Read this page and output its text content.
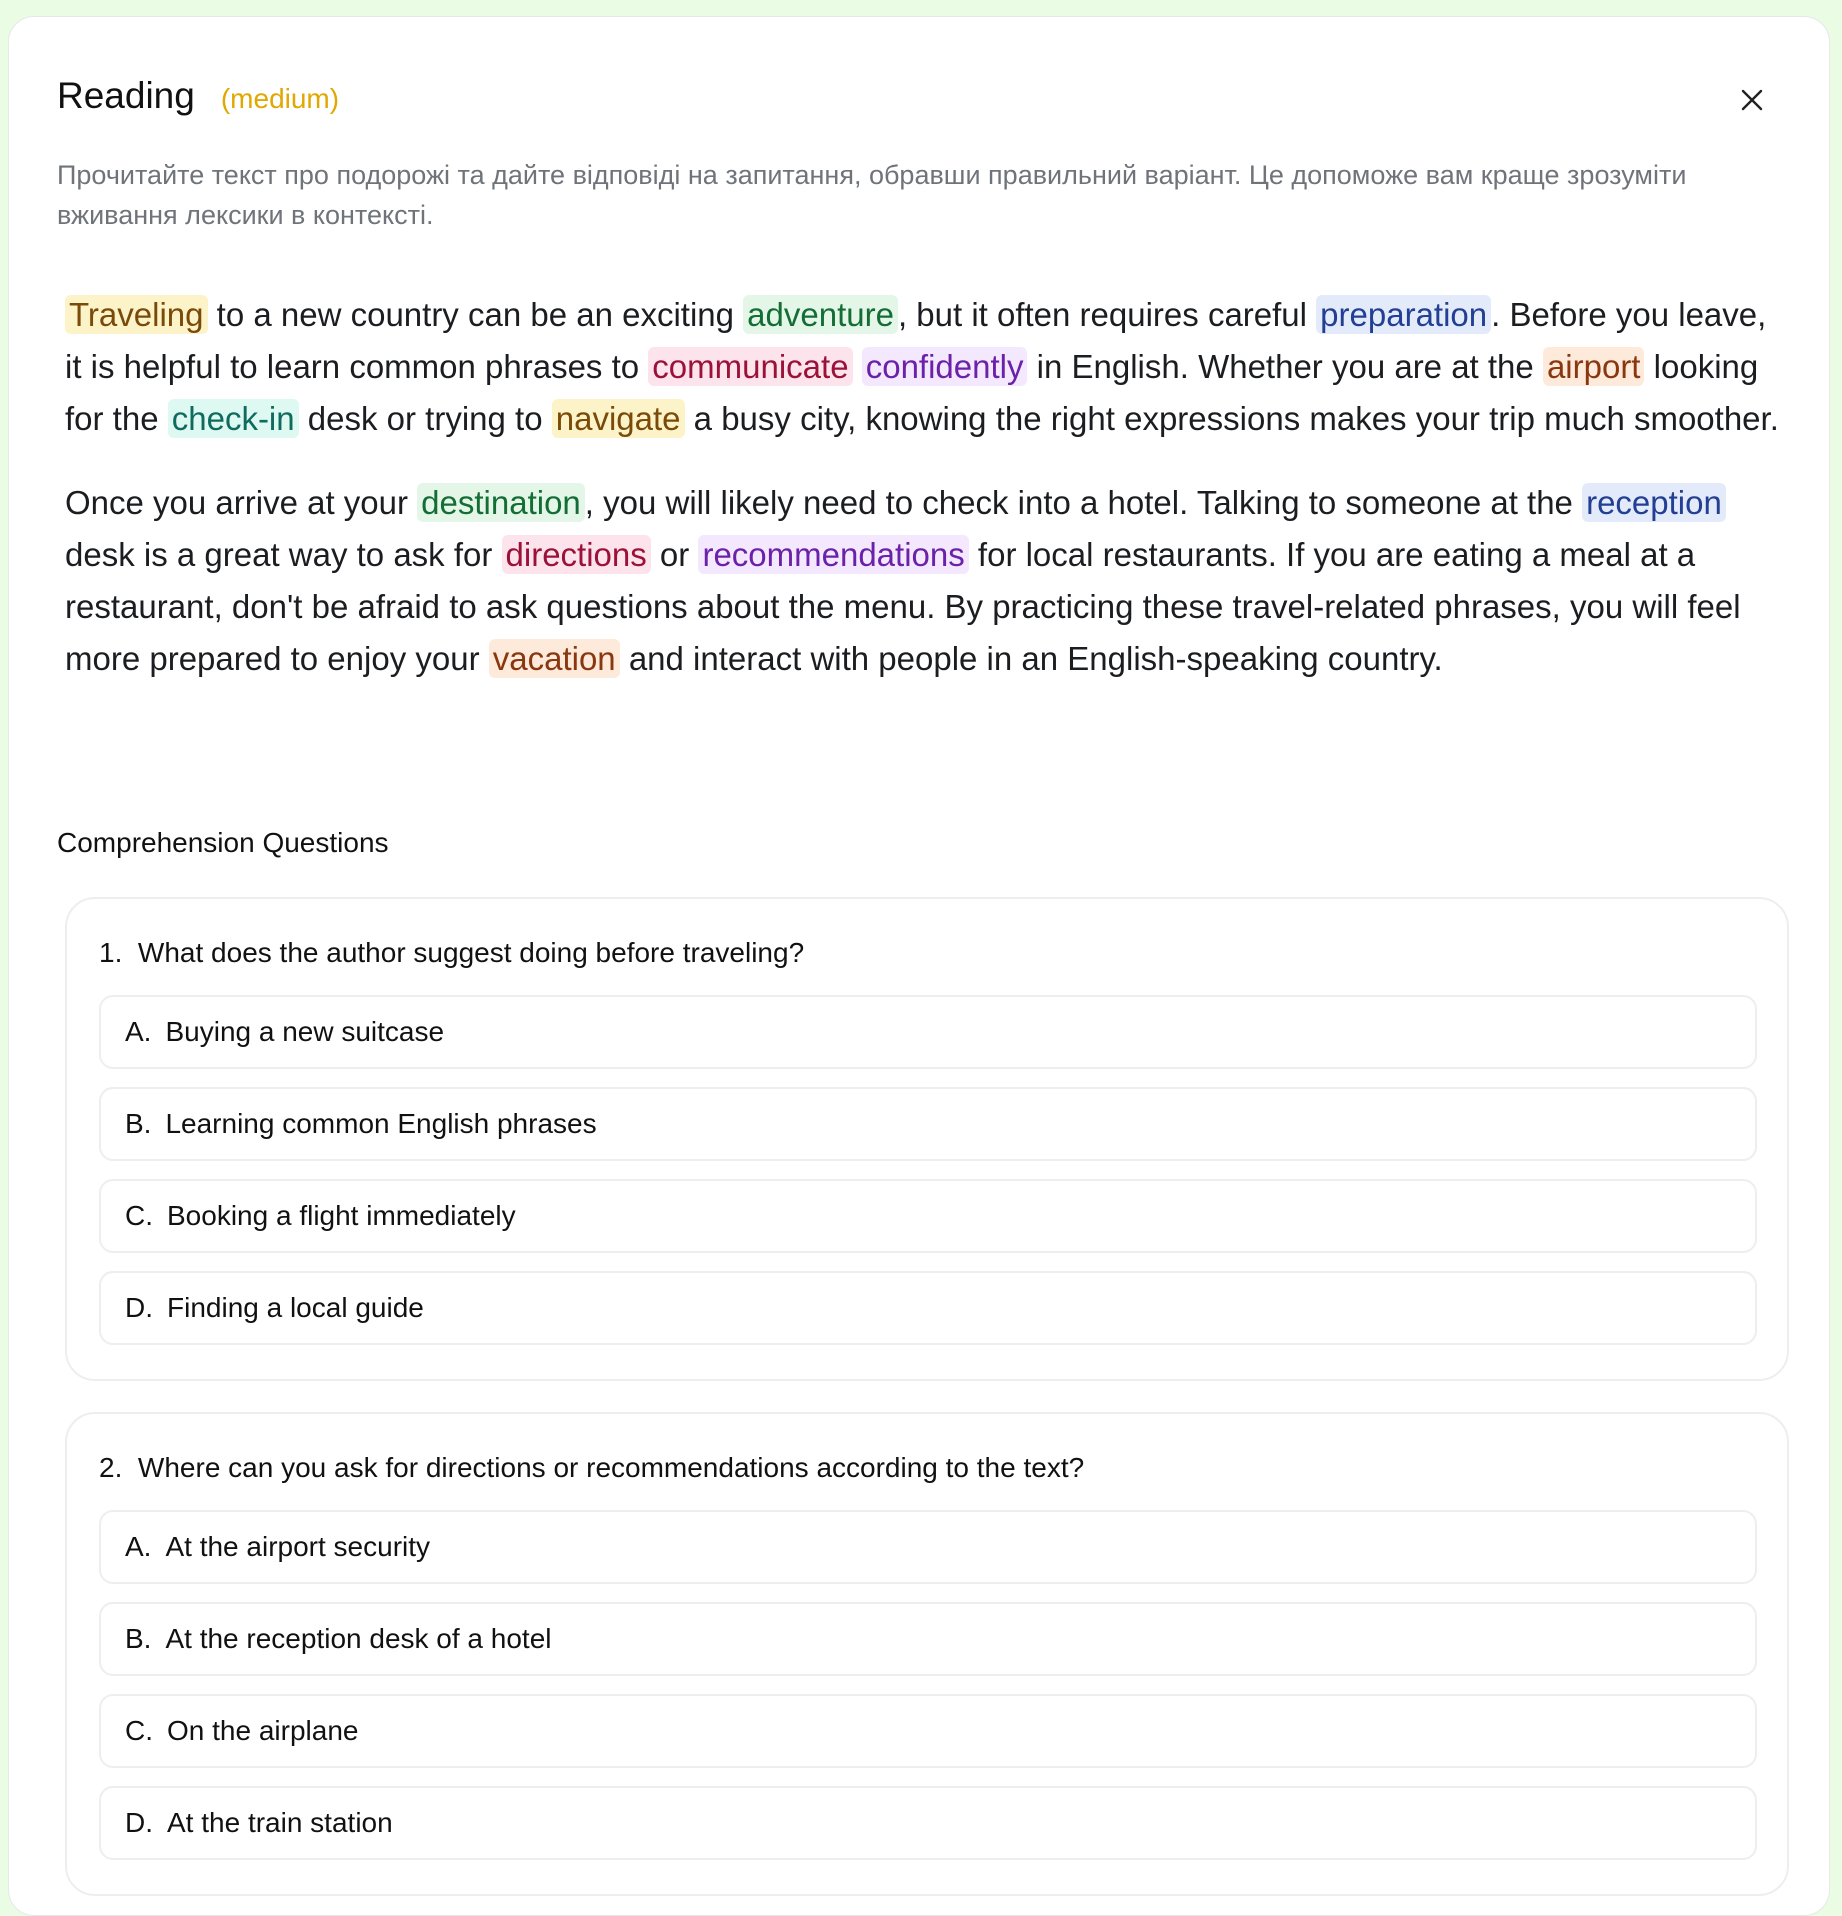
Reading (medium)
Прочитайте текст про подорожі та дайте відповіді на запитання, обравши правильний варіант. Це допоможе вам краще зрозуміти вживання лексики в контексті.

Traveling to a new country can be an exciting adventure , but it often requires careful preparation . Before you leave, it is helpful to learn common phrases to communicate confidently in English. Whether you are at the airport looking for the check-in desk or trying to navigate a busy city, knowing the right expressions makes your trip much smoother.

Once you arrive at your destination , you will likely need to check into a hotel. Talking to someone at the reception desk is a great way to ask for directions or recommendations for local restaurants. If you are eating a meal at a restaurant, don't be afraid to ask questions about the menu. By practicing these travel-related phrases, you will feel more prepared to enjoy your vacation and interact with people in an English-speaking country.

Comprehension Questions
1. What does the author suggest doing before traveling?
A. Buying a new suitcase
B. Learning common English phrases
C. Booking a flight immediately
D. Finding a local guide
2. Where can you ask for directions or recommendations according to the text?
A. At the airport security
B. At the reception desk of a hotel
C. On the airplane
D. At the train station
